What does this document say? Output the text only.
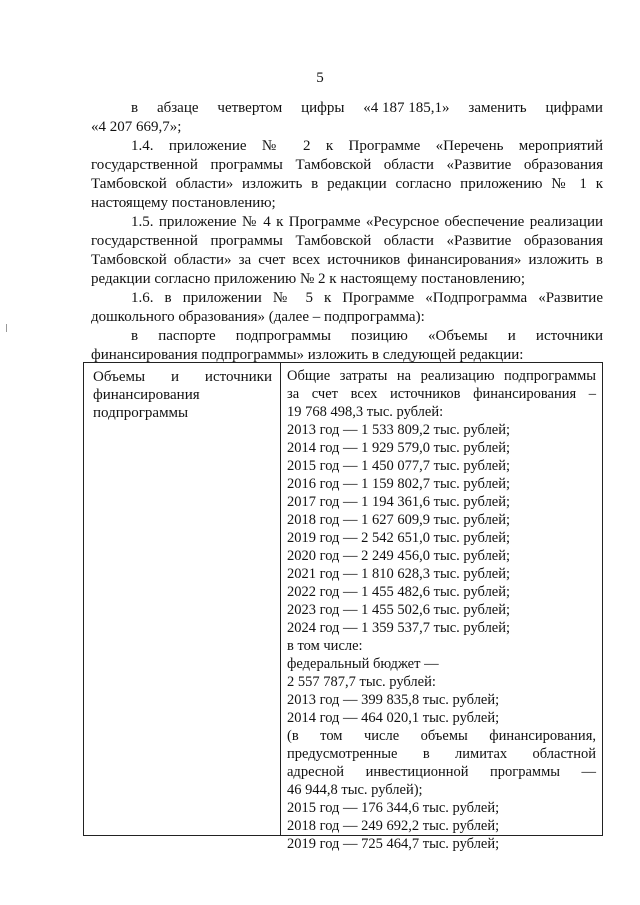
5

в абзаце четвертом цифры «4 187 185,1» заменить цифрами

«4 207 669,7»;

1.4. приложение № 2 к Программе «Перечень мероприятий государственной программы Тамбовской области «Развитие образования Тамбовской области» изложить в редакции согласно приложению № 1 к настоящему постановлению;

1.5. приложение № 4 к Программе «Ресурсное обеспечение реализации государственной программы Тамбовской области «Развитие образования Тамбовской области» за счет всех источников финансирования» изложить в редакции согласно приложению № 2 к настоящему постановлению;

1.6. в приложении № 5 к Программе «Подпрограмма «Развитие дошкольного образования» (далее – подпрограмма):

в паспорте подпрограммы позицию «Объемы и источники финансирования подпрограммы» изложить в следующей редакции:

Объемы и источники
финансирования
подпрограммы
Общие затраты на реализацию подпрограммы
за счет всех источников финансирования –
19 768 498,3 тыс. рублей:
2013 год — 1 533 809,2 тыс. рублей;
2014 год — 1 929 579,0 тыс. рублей;
2015 год — 1 450 077,7 тыс. рублей;
2016 год — 1 159 802,7 тыс. рублей;
2017 год — 1 194 361,6 тыс. рублей;
2018 год — 1 627 609,9 тыс. рублей;
2019 год — 2 542 651,0 тыс. рублей;
2020 год — 2 249 456,0 тыс. рублей;
2021 год — 1 810 628,3 тыс. рублей;
2022 год — 1 455 482,6 тыс. рублей;
2023 год — 1 455 502,6 тыс. рублей;
2024 год — 1 359 537,7 тыс. рублей;
в том числе:
федеральный бюджет —
2 557 787,7 тыс. рублей:
2013 год — 399 835,8 тыс. рублей;
2014 год — 464 020,1 тыс. рублей;
(в том числе объемы финансирования,
предусмотренные в лимитах областной
адресной инвестиционной программы —
46 944,8 тыс. рублей);
2015 год — 176 344,6 тыс. рублей;
2018 год — 249 692,2 тыс. рублей;
2019 год — 725 464,7 тыс. рублей;
